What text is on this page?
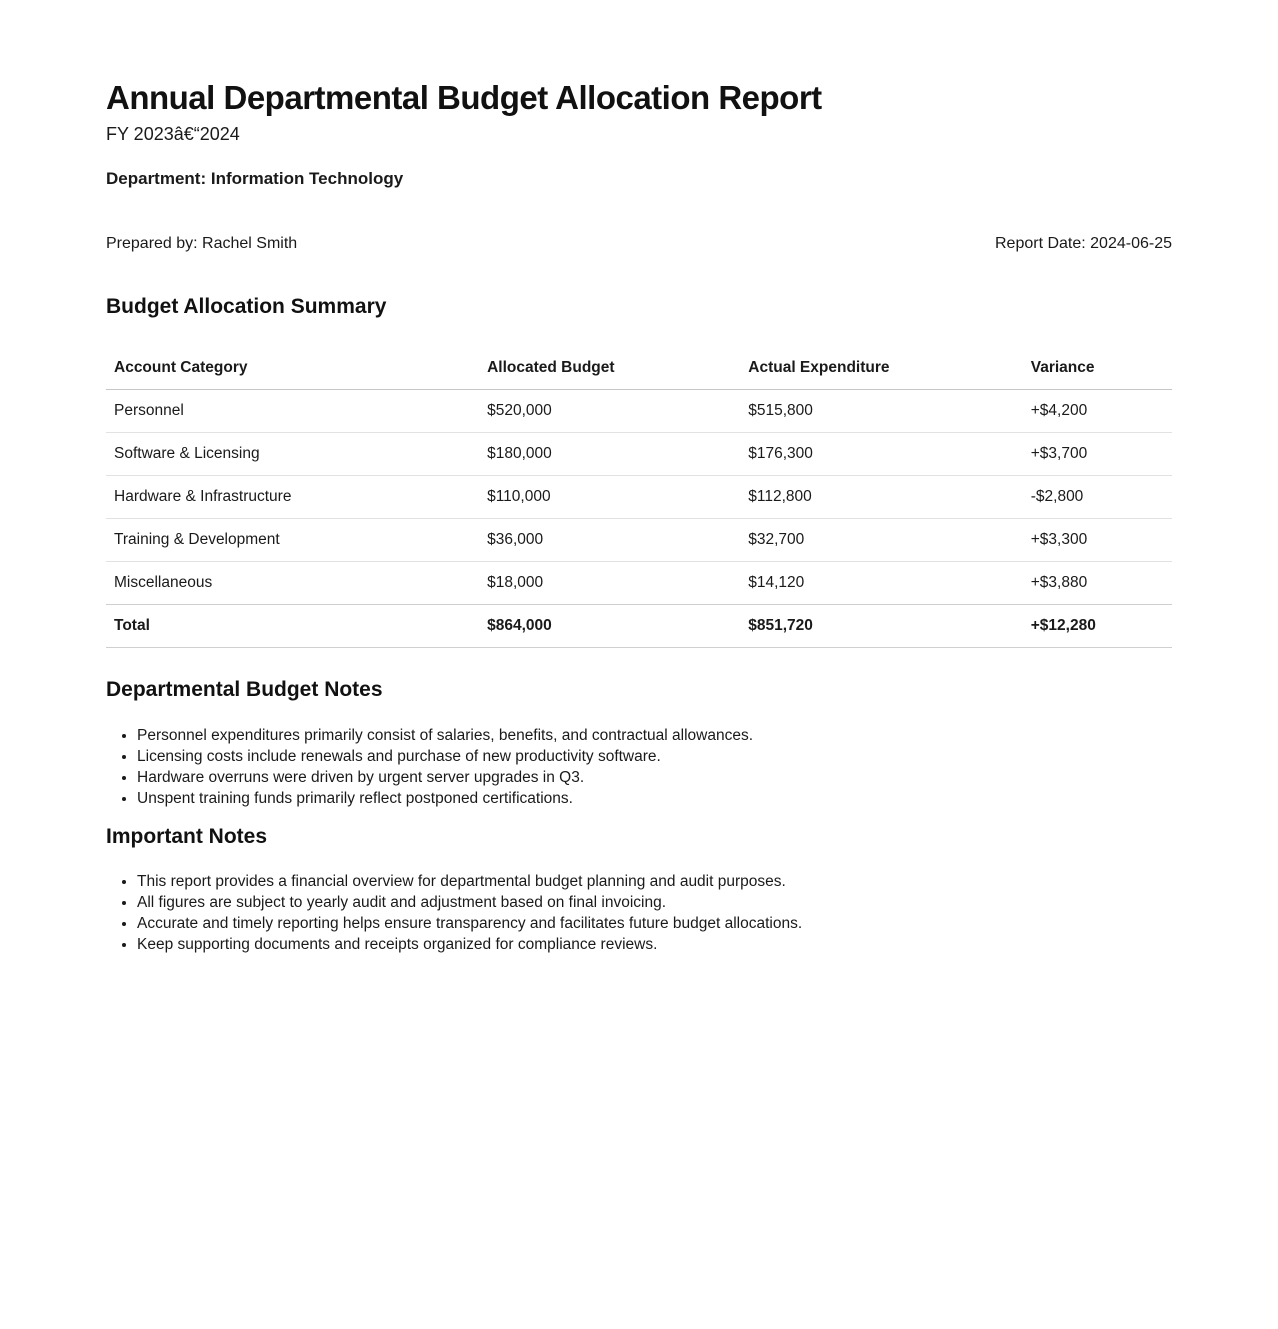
Annual Departmental Budget Allocation Report

FY 2023â€“2024

Department: Information Technology

Prepared by: Rachel Smith	Report Date: 2024-06-25
Budget Allocation Summary
Account Category	Allocated Budget	Actual Expenditure	Variance
Personnel	$520,000	$515,800	+$4,200
Software & Licensing	$180,000	$176,300	+$3,700
Hardware & Infrastructure	$110,000	$112,800	-$2,800
Training & Development	$36,000	$32,700	+$3,300
Miscellaneous	$18,000	$14,120	+$3,880
Total	$864,000	$851,720	+$12,280
Departmental Budget Notes
• Personnel expenditures primarily consist of salaries, benefits, and contractual allowances.
• Licensing costs include renewals and purchase of new productivity software.
• Hardware overruns were driven by urgent server upgrades in Q3.
• Unspent training funds primarily reflect postponed certifications.
Important Notes
• This report provides a financial overview for departmental budget planning and audit purposes.
• All figures are subject to yearly audit and adjustment based on final invoicing.
• Accurate and timely reporting helps ensure transparency and facilitates future budget allocations.
• Keep supporting documents and receipts organized for compliance reviews.
